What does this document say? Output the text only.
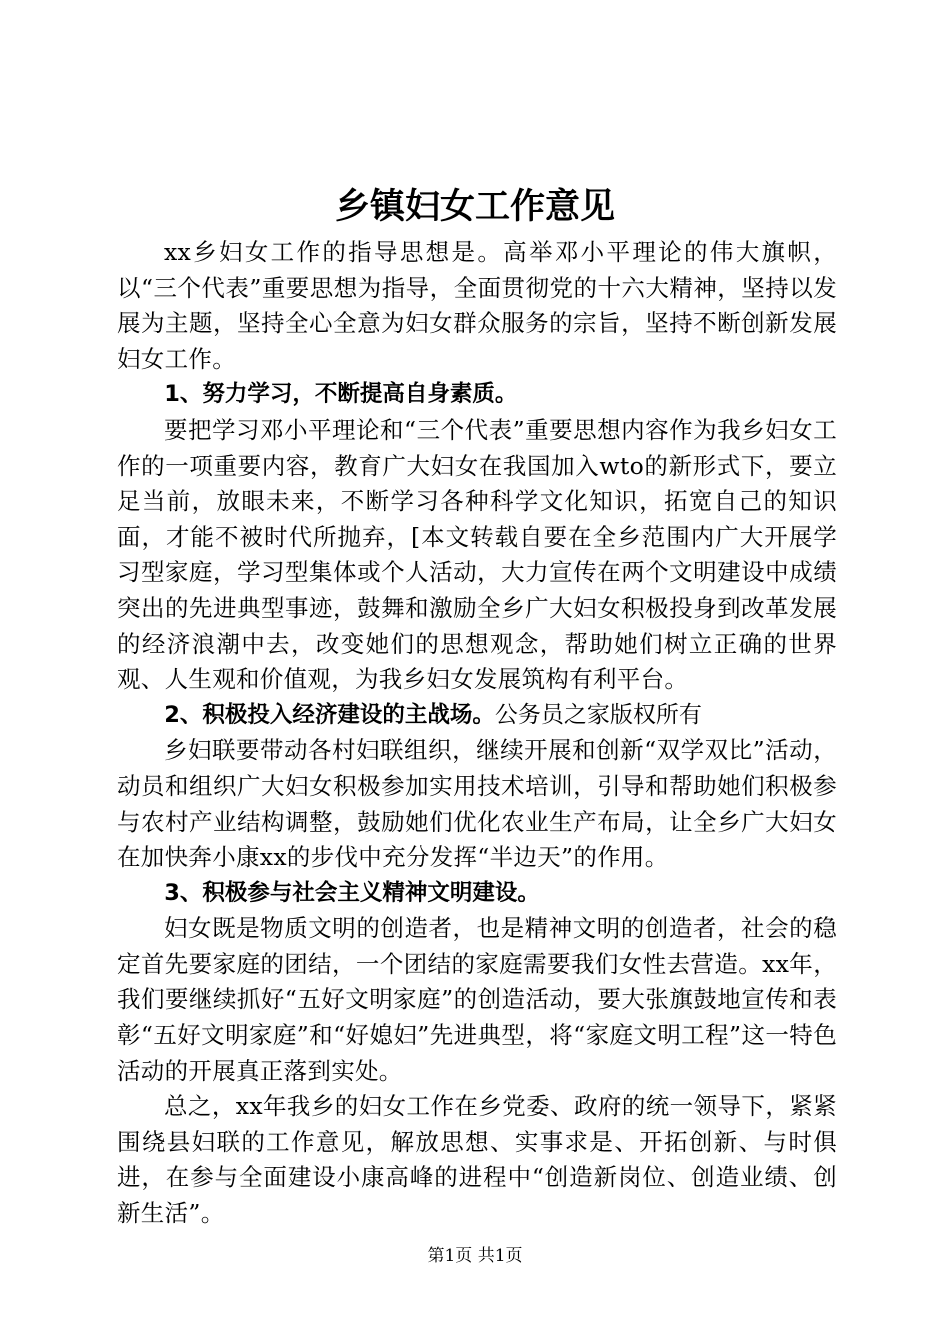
乡镇妇女工作意见

xx乡妇女工作的指导思想是。高举邓小平理论的伟大旗帜，以“三个代表”重要思想为指导，全面贯彻党的十六大精神，坚持以发展为主题，坚持全心全意为妇女群众服务的宗旨，坚持不断创新发展妇女工作。

1、努力学习，不断提高自身素质。

要把学习邓小平理论和“三个代表”重要思想内容作为我乡妇女工作的一项重要内容，教育广大妇女在我国加入wto的新形式下，要立足当前，放眼未来，不断学习各种科学文化知识，拓宽自己的知识面，才能不被时代所抛弃，[本文转载自要在全乡范围内广大开展学习型家庭，学习型集体或个人活动，大力宣传在两个文明建设中成绩突出的先进典型事迹，鼓舞和激励全乡广大妇女积极投身到改革发展的经济浪潮中去，改变她们的思想观念，帮助她们树立正确的世界观、人生观和价值观，为我乡妇女发展筑构有利平台。

2、积极投入经济建设的主战场。公务员之家版权所有

乡妇联要带动各村妇联组织，继续开展和创新“双学双比”活动，动员和组织广大妇女积极参加实用技术培训，引导和帮助她们积极参与农村产业结构调整，鼓励她们优化农业生产布局，让全乡广大妇女在加快奔小康xx的步伐中充分发挥“半边天”的作用。

3、积极参与社会主义精神文明建设。

妇女既是物质文明的创造者，也是精神文明的创造者，社会的稳定首先要家庭的团结，一个团结的家庭需要我们女性去营造。xx年，我们要继续抓好“五好文明家庭”的创造活动，要大张旗鼓地宣传和表彰“五好文明家庭”和“好媳妇”先进典型，将“家庭文明工程”这一特色活动的开展真正落到实处。

总之，xx年我乡的妇女工作在乡党委、政府的统一领导下，紧紧围绕县妇联的工作意见，解放思想、实事求是、开拓创新、与时俱进，在参与全面建设小康高峰的进程中“创造新岗位、创造业绩、创新生活”。

第1页 共1页
